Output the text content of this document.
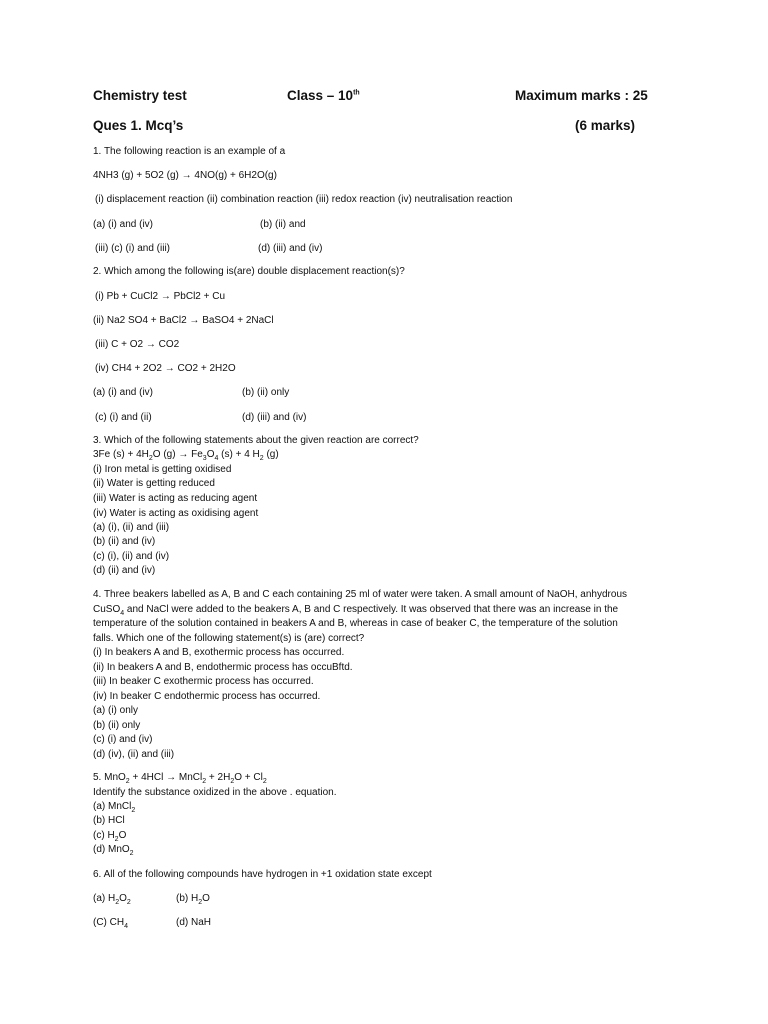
Chemistry test	Class – 10th	Maximum marks : 25
Ques 1. Mcq’s	(6 marks)
1. The following reaction is an example of a
4NH3 (g) + 5O2 (g) → 4NO(g) + 6H2O(g)
(i) displacement reaction (ii) combination reaction (iii) redox reaction (iv) neutralisation reaction
(a) (i) and (iv)	(b) (ii) and
(iii) (c) (i) and (iii)	(d) (iii) and (iv)
2. Which among the following is(are) double displacement reaction(s)?
(i) Pb + CuCl2 → PbCl2 + Cu
(ii) Na2 SO4 + BaCl2 → BaSO4 + 2NaCl
(iii) C + O2 → CO2
(iv) CH4 + 2O2 → CO2 + 2H2O
(a) (i) and (iv)	(b) (ii) only
(c) (i) and (ii)	(d) (iii) and (iv)
3. Which of the following statements about the given reaction are correct?
3Fe $(s) + 4H_2O$ $(g) \to Fe_3O_4$ (s) + 4 $H_2$ (g)
(i) Iron metal is getting oxidised
(ii) Water is getting reduced
(iii) Water is acting as reducing agent
(iv) Water is acting as oxidising agent
(a) (i), (ii) and (iii)
(b) (ii) and (iv)
(c) (i), (ii) and (iv)
(d) (ii) and (iv)
4. Three beakers labelled as A, B and C each containing 25 ml of water were taken. A small amount of NaOH, anhydrous
CuSO$_4$ and NaCl were added to the beakers A, B and C respectively. It was observed that there was an increase in the
temperature of the solution contained in beakers A and B, whereas in case of beaker C, the temperature of the solution
falls. Which one of the following statement(s) is (are) correct?
(i) In beakers A and B, exothermic process has occurred.
(ii) In beakers A and B, endothermic process has occuBftd.
(iii) In beaker C exothermic process has occurred.
(iv) In beaker C endothermic process has occurred.
(a) (i) only
(b) (ii) only
(c) (i) and (iv)
(d) (iv), (ii) and (iii)
5. MnO$_2$ + 4HCl → MnCl$_2$ + $2H_2O + Cl_2$
Identify the substance oxidized in the above . equation.
(a) MnCl$_2$
(b) HCl
(c) $H_2O$
(d) MnO$_2$
6. All of the following compounds have hydrogen in +1 oxidation state except
(a) $H_2O_2$	(b) $H_2O$
(C) $CH_4$	(d) NaH
